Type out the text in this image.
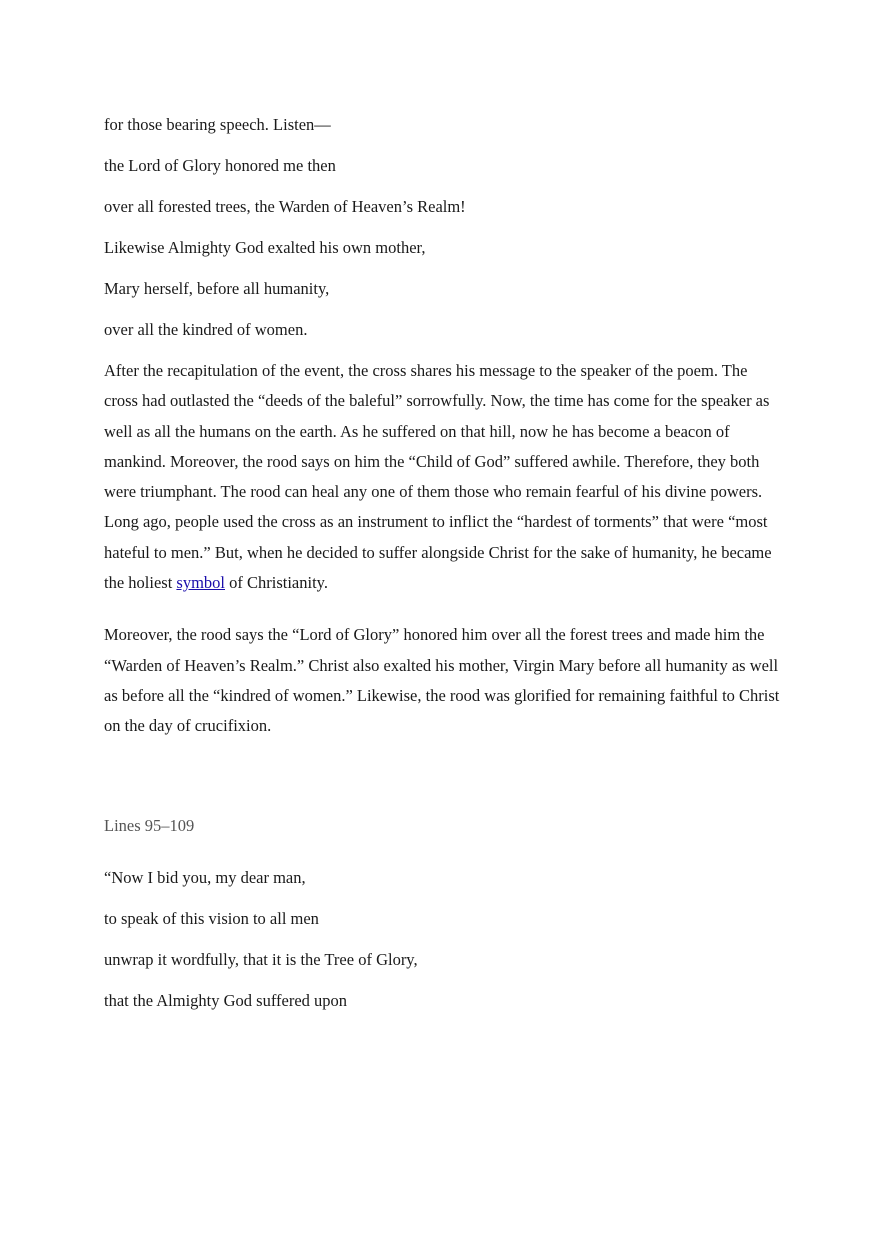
for those bearing speech. Listen—

the Lord of Glory honored me then

over all forested trees, the Warden of Heaven’s Realm!

Likewise Almighty God exalted his own mother,

Mary herself, before all humanity,

over all the kindred of women.

After the recapitulation of the event, the cross shares his message to the speaker of the poem. The cross had outlasted the “deeds of the baleful” sorrowfully. Now, the time has come for the speaker as well as all the humans on the earth. As he suffered on that hill, now he has become a beacon of mankind. Moreover, the rood says on him the “Child of God” suffered awhile. Therefore, they both were triumphant. The rood can heal any one of them those who remain fearful of his divine powers. Long ago, people used the cross as an instrument to inflict the “hardest of torments” that were “most hateful to men.” But, when he decided to suffer alongside Christ for the sake of humanity, he became the holiest symbol of Christianity.

Moreover, the rood says the “Lord of Glory” honored him over all the forest trees and made him the “Warden of Heaven’s Realm.” Christ also exalted his mother, Virgin Mary before all humanity as well as before all the “kindred of women.” Likewise, the rood was glorified for remaining faithful to Christ on the day of crucifixion.

Lines 95–109

“Now I bid you, my dear man,

to speak of this vision to all men

unwrap it wordfully, that it is the Tree of Glory,

that the Almighty God suffered upon
